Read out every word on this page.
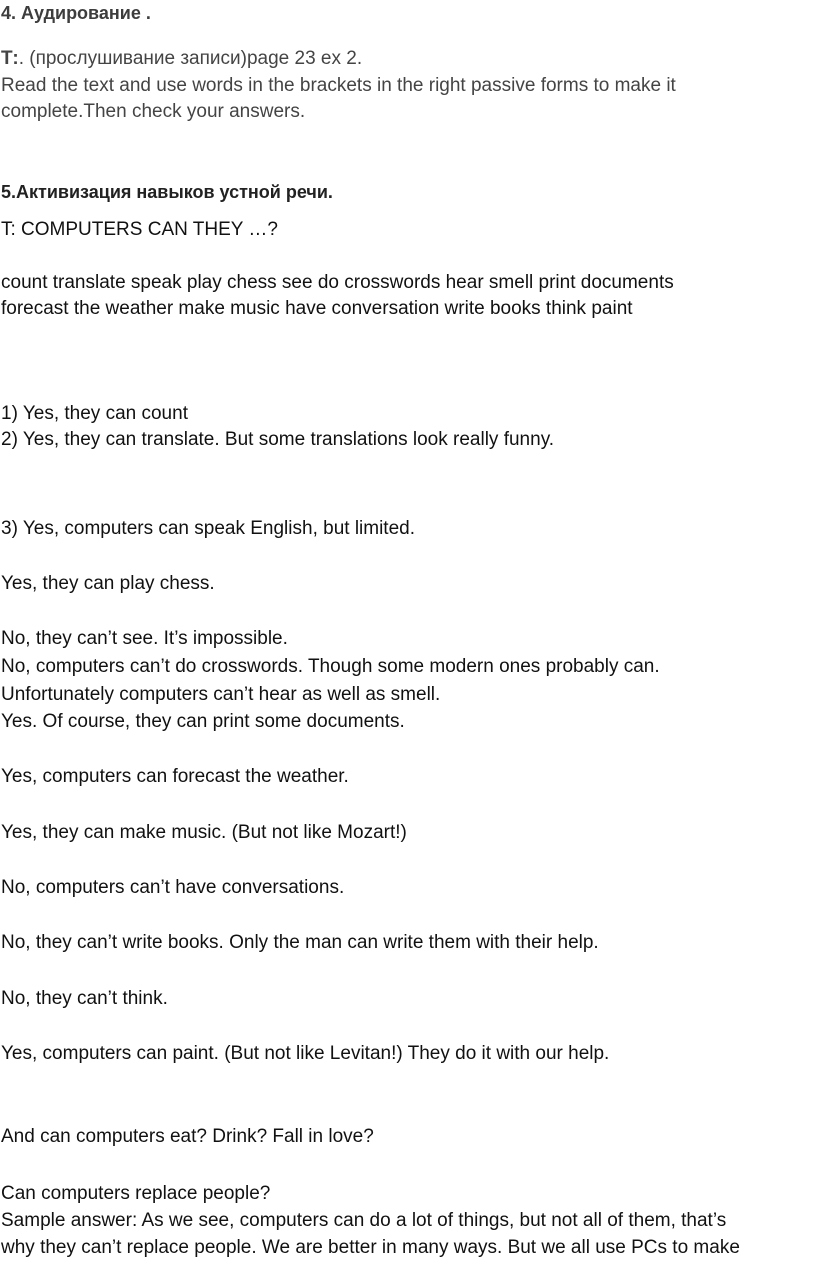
4. Аудирование .
Т:. (прослушивание записи)page 23 ex 2.
Read the text and use words in the brackets in the right passive forms to make it
complete.Then check your answers.
5.Активизация навыков устной речи.
T: COMPUTERS CAN THEY …?
count translate speak play chess see do crosswords hear smell print documents
forecast the weather make music have conversation write books think paint
1) Yes, they can count
2) Yes, they can translate. But some translations look really funny.
3) Yes, computers can speak English, but limited.
Yes, they can play chess.
No, they can’t see. It’s impossible.
No, computers can’t do crosswords. Though some modern ones probably can.
Unfortunately computers can’t hear as well as smell.
Yes. Of course, they can print some documents.
Yes, computers can forecast the weather.
Yes, they can make music. (But not like Mozart!)
No, computers can’t have conversations.
No, they can’t write books. Only the man can write them with their help.
No, they can’t think.
Yes, computers can paint. (But not like Levitan!) They do it with our help.
And can computers eat? Drink? Fall in love?
Can computers replace people?
Sample answer: As we see, computers can do a lot of things, but not all of them, that’s
why they can’t replace people. We are better in many ways. But we all use PCs to make
